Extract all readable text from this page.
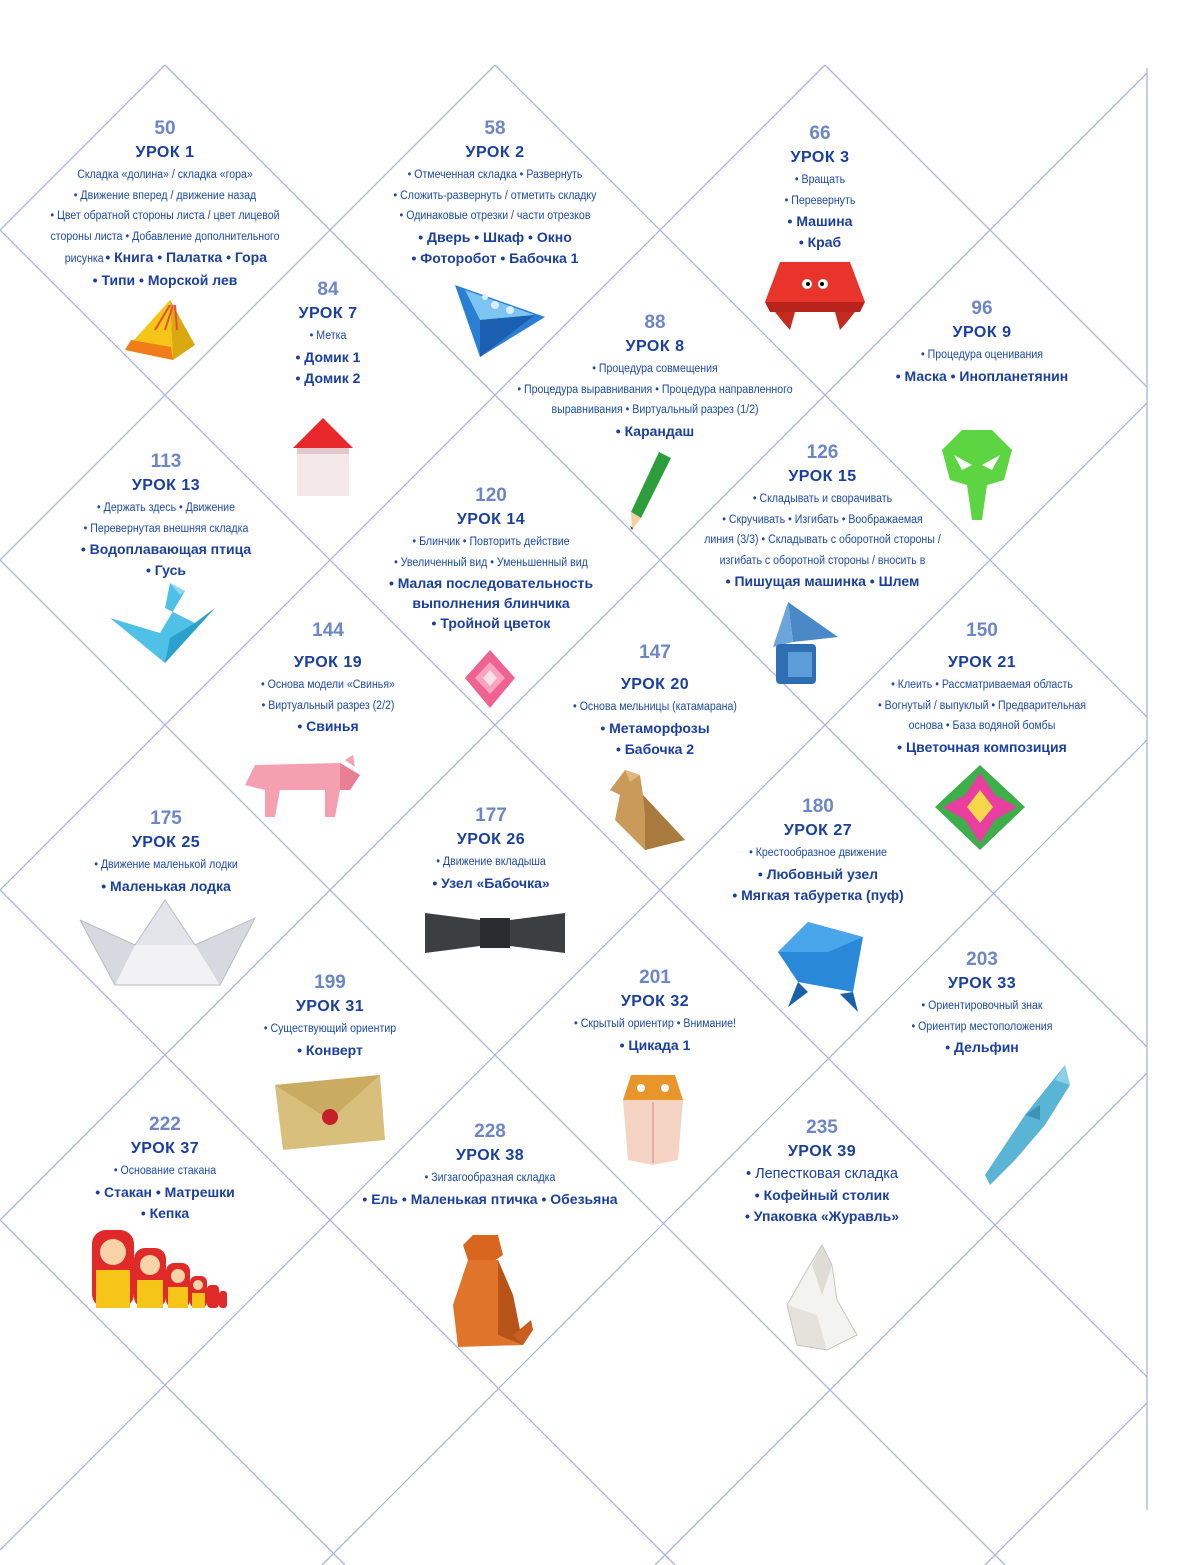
50
УРОК 1
Складка «долина» / складка «гора»
• Движение вперед / движение назад
• Цвет обратной стороны листа / цвет лицевой
стороны листа • Добавление дополнительного
рисунка• Книга • Палатка • Гора
• Типи • Морской лев
58
УРОК 2
• Отмеченная складка • Развернуть
• Сложить-развернуть / отметить складку
• Одинаковые отрезки / части отрезков
• Дверь • Шкаф • Окно
• Фоторобот • Бабочка 1
66
УРОК 3
• Вращать
• Перевернуть
• Машина
• Краб
84
УРОК 7
• Метка
• Домик 1
• Домик 2
88
УРОК 8
• Процедура совмещения
• Процедура выравнивания • Процедура направленного
выравнивания • Виртуальный разрез (1/2)
• Карандаш
96
УРОК 9
• Процедура оценивания
• Маска • Инопланетянин
113
УРОК 13
• Держать здесь • Движение
• Перевернутая внешняя складка
• Водоплавающая птица
• Гусь
120
УРОК 14
• Блинчик • Повторить действие
• Увеличенный вид • Уменьшенный вид
• Малая последовательность
выполнения блинчика
• Тройной цветок
126
УРОК 15
• Складывать и сворачивать
• Скручивать • Изгибать • Воображаемая
линия (3/3) • Складывать с оборотной стороны /
изгибать с оборотной стороны / вносить в
• Пишущая машинка • Шлем
144
УРОК 19
• Основа модели «Свинья»
• Виртуальный разрез (2/2)
• Свинья
147
УРОК 20
• Основа мельницы (катамарана)
• Метаморфозы
• Бабочка 2
150
УРОК 21
• Клеить • Рассматриваемая область
• Вогнутый / выпуклый • Предварительная
основа • База водяной бомбы
• Цветочная композиция
175
УРОК 25
• Движение маленькой лодки
• Маленькая лодка
177
УРОК 26
• Движение вкладыша
• Узел «Бабочка»
180
УРОК 27
• Крестообразное движение
• Любовный узел
• Мягкая табуретка (пуф)
199
УРОК 31
• Существующий ориентир
• Конверт
201
УРОК 32
• Скрытый ориентир • Внимание!
• Цикада 1
203
УРОК 33
• Ориентировочный знак
• Ориентир местоположения
• Дельфин
222
УРОК 37
• Основание стакана
• Стакан • Матрешки
• Кепка
228
УРОК 38
• Зигзагообразная складка
• Ель • Маленькая птичка • Обезьяна
235
УРОК 39
• Лепестковая складка
• Кофейный столик
• Упаковка «Журавль»
